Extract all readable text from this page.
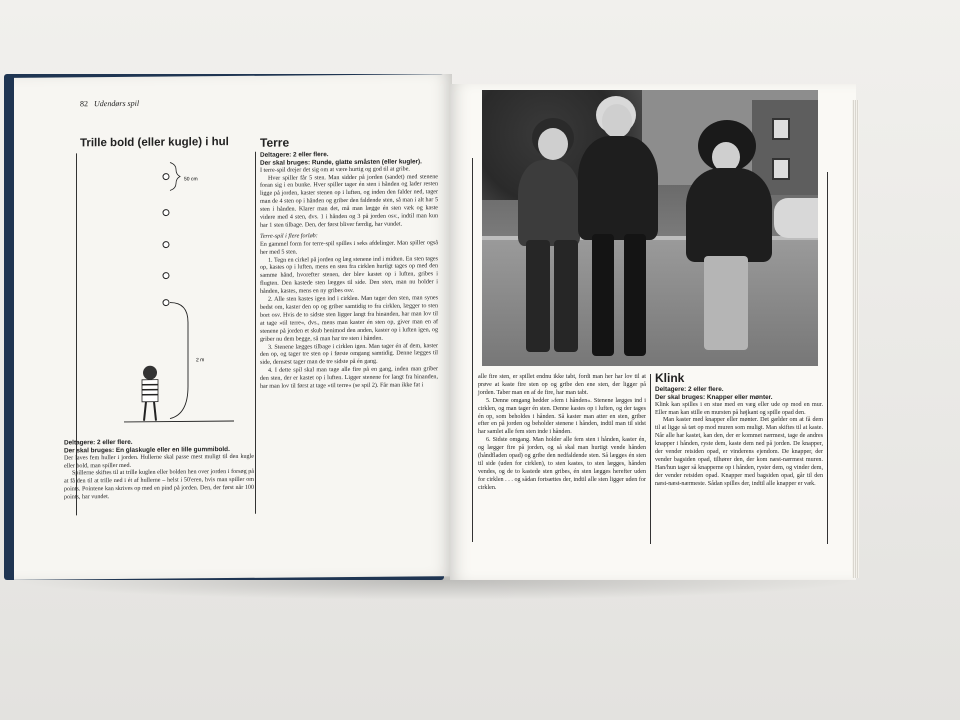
82 Udendørs spil
Trille bold (eller kugle) i hul
50 cm
2 m

Deltagere: 2 eller flere.

Der skal bruges: En glaskugle eller en lille gummibold.

Der laves fem huller i jorden. Hullerne skal passe mest muligt til den kugle eller bold, man spiller med.

Spillerne skiftes til at trille kuglen eller bolden hen over jorden i forsøg på at få den til at trille ned i ét af hullerne – helst i 50'eren, hvis man spiller om points. Pointene kan skrives op med en pind på jorden. Den, der først når 100 points, har vundet.

Terre

Deltagere: 2 eller flere.

Der skal bruges: Runde, glatte småsten (eller kugler).

I terre-spil drejer det sig om at være hurtig og god til at gribe.

Hver spiller får 5 sten. Man sidder på jorden (sandet) med stenene foran sig i en bunke. Hver spiller tager én sten i hånden og lader resten ligge på jorden, kaster stenen op i luften, og inden den falder ned, tager man de 4 sten op i hånden og griber den faldende sten, så man i alt har 5 sten i hånden. Klarer man det, må man lægge én sten væk og kaste videre med 4 sten, dvs. 1 i hånden og 3 på jorden osv., indtil man kun har 1 sten tilbage. Den, der først bliver færdig, har vundet.

Terre-spil i flere forløb:

En gammel form for terre-spil spilles i seks afdelinger. Man spiller også her med 5 sten.

1. Tegn en cirkel på jorden og læg stenene ind i midten. En sten tages op, kastes op i luften, mens en sten fra cirklen hurtigt tages op med den samme hånd, hvorefter stenen, der blev kastet op i luften, gribes i flugten. Den kastede sten lægges til side. Den sten, man nu holder i hånden, kastes, mens en ny gribes osv.

2. Alle sten kastes igen ind i cirklen. Man tager den sten, man synes bedst om, kaster den op og griber samtidig to fra cirklen, lægger to sten bort osv. Hvis de to sidste sten ligger langt fra hinanden, har man lov til at tage »til terre«, dvs., mens man kaster én sten op, giver man en af stenene på jorden et skub henimod den anden, kaster op i luften igen, og griber nu dem begge, så man har tre sten i hånden.

3. Stenene lægges tilbage i cirklen igen. Man tager én af dem, kaster den op, og tager tre sten op i første omgang samtidig. Denne lægges til side, dernæst tager man de tre sidste på én gang.

4. I dette spil skal man tage alle fire på en gang, inden man griber den sten, der er kastet op i luften. Ligger stenene for langt fra hinanden, har man lov til først at tage »til terre« (se spil 2). Får man ikke fat i

alle fire sten, er spillet endnu ikke tabt, fordi man her har lov til at prøve at kaste fire sten op og gribe den ene sten, der ligger på jorden. Taber man en af de fire, har man tabt.

5. Denne omgang hedder »fem i hånden«. Stenene lægges ind i cirklen, og man tager én sten. Denne kastes op i luften, og der tages én op, som beholdes i hånden. Så kaster man atter en sten, griber efter en på jorden og beholder stenene i hånden, indtil man til sidst har samlet alle fem sten inde i hånden.

6. Sidste omgang. Man holder alle fem sten i hånden, kaster én, og lægger fire på jorden, og så skal man hurtigt vende hånden (håndfladen opad) og gribe den nedfaldende sten. Så lægges én sten til side (uden for cirklen), to sten kastes, to sten lægges, hånden vendes, og de to kastede sten gribes, én sten lægges herefter uden for cirklen . . . og sådan fortsættes der, indtil alle sten ligger uden for cirklen.

Klink

Deltagere: 2 eller flere.

Der skal bruges: Knapper eller mønter.

Klink kan spilles i en stue med en væg eller ude op mod en mur. Eller man kan stille en mursten på højkant og spille opad den.

Man kaster med knapper eller mønter. Det gælder om at få dem til at ligge så tæt op mod muren som muligt. Man skiftes til at kaste. Når alle har kastet, kan den, der er kommet nærmest, tage de andres knapper i hånden, ryste dem, kaste dem ned på jorden. De knapper, der vender retsiden opad, er vinderens ejendom. De knapper, der vender bagsiden opad, tilhører den, der kom næst-nærmest muren. Han/hun tager så knapperne op i hånden, ryster dem, og vinder dem, der vender retsiden opad. Knapper med bagsiden opad, går til den næst-næst-nærmeste. Sådan spilles der, indtil alle knapper er væk.
